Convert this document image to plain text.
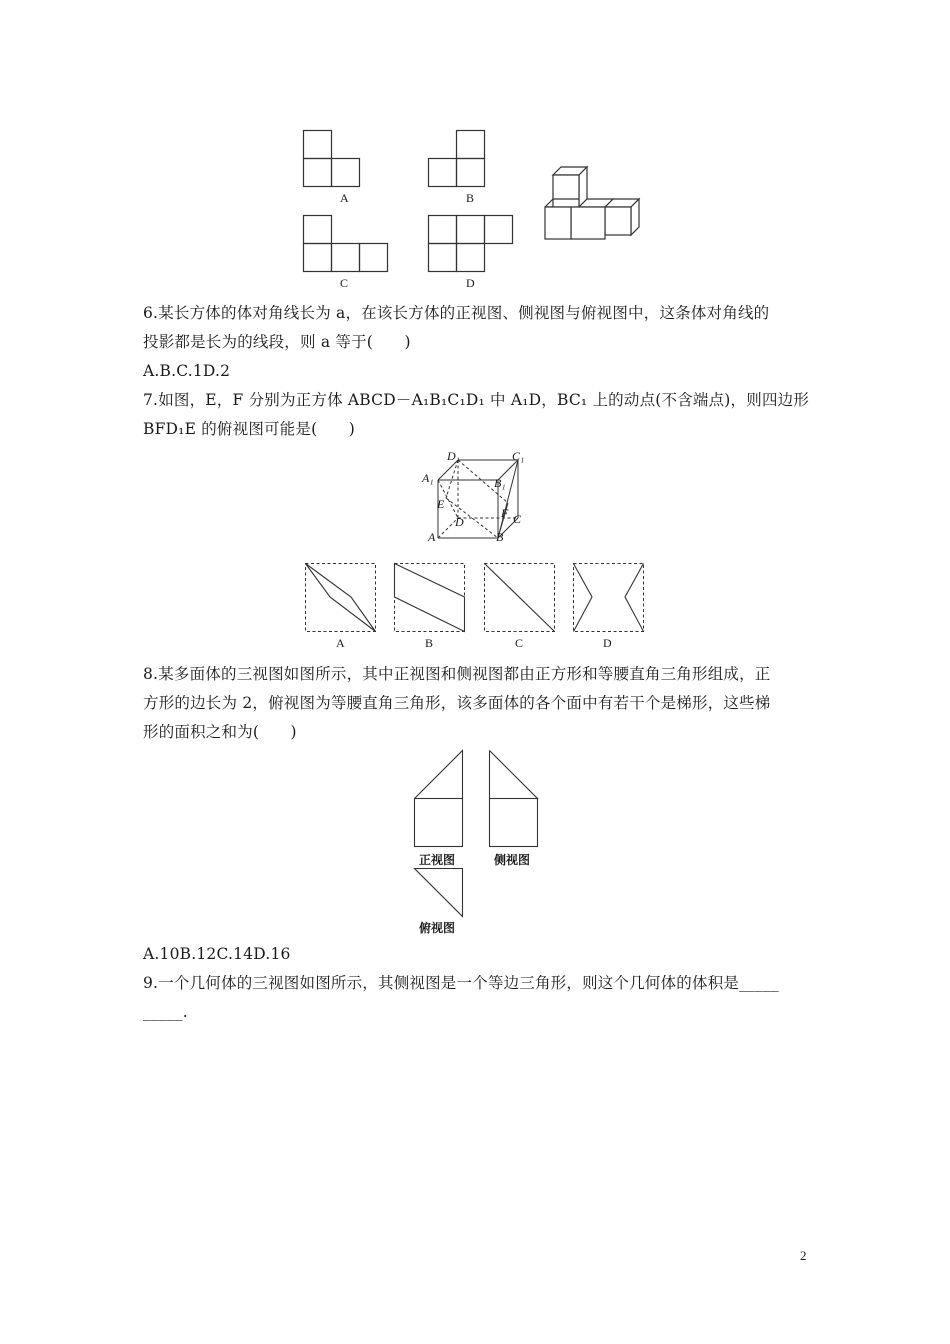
A	B
C	D
6.某长方体的体对角线长为 a，在该长方体的正视图、侧视图与俯视图中，这条体对角线的
投影都是长为的线段，则 a 等于(　　)
A.B.C.1D.2
7.如图，E，F 分别为正方体 ABCD－A₁B₁C₁D₁ 中 A₁D，BC₁ 上的动点(不含端点)，则四边形
BFD₁E 的俯视图可能是(　　)
D₁	C₁
A₁	B₁
E
F
D	C
A	B
A	B	C	D
8.某多面体的三视图如图所示，其中正视图和侧视图都由正方形和等腰直角三角形组成，正
方形的边长为 2，俯视图为等腰直角三角形，该多面体的各个面中有若干个是梯形，这些梯
形的面积之和为(　　)
正视图	侧视图
俯视图
A.10B.12C.14D.16
9.一个几何体的三视图如图所示，其侧视图是一个等边三角形，则这个几何体的体积是_____
_____.
2
